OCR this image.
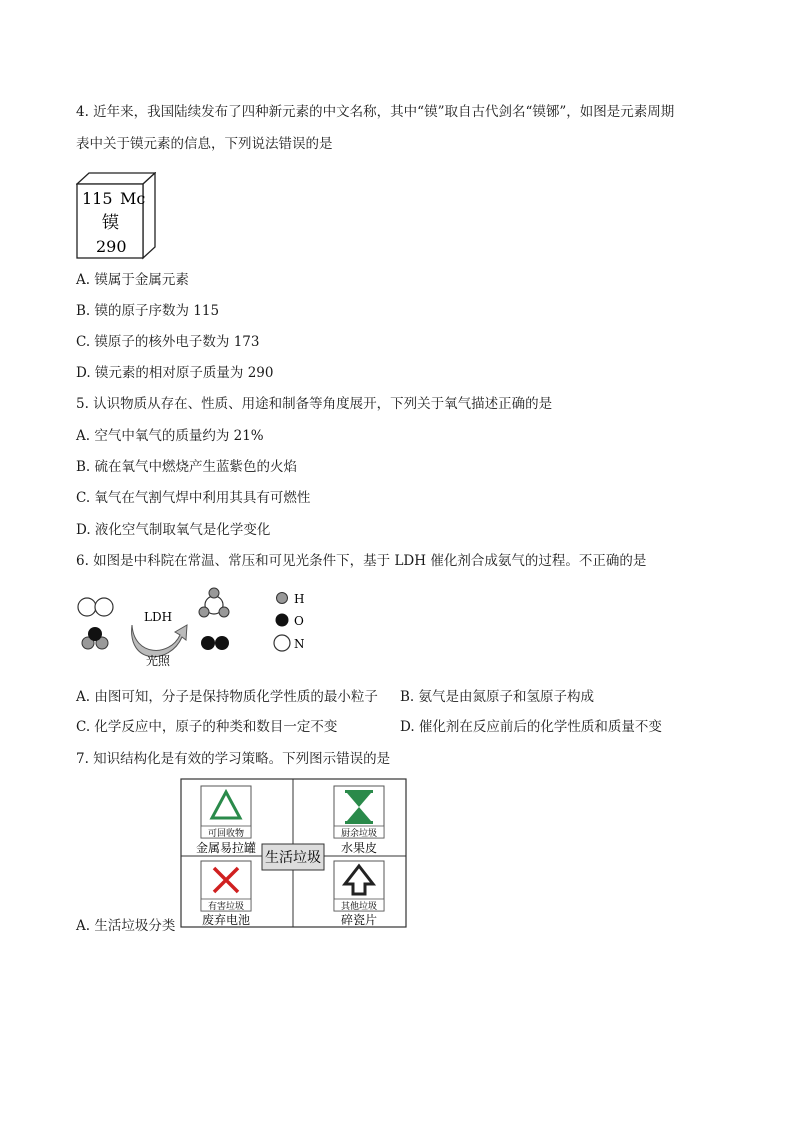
4. 近年来，我国陆续发布了四种新元素的中文名称，其中“镆”取自古代剑名“镆铘”，如图是元素周期
表中关于镆元素的信息，下列说法错误的是
115 Mc
镆
290
A. 镆属于金属元素
B. 镆的原子序数为 115
C. 镆原子的核外电子数为 173
D. 镆元素的相对原子质量为 290
5. 认识物质从存在、性质、用途和制备等角度展开，下列关于氧气描述正确的是
A. 空气中氧气的质量约为 21%
B. 硫在氧气中燃烧产生蓝紫色的火焰
C. 氧气在气割气焊中利用其具有可燃性
D. 液化空气制取氧气是化学变化
6. 如图是中科院在常温、常压和可见光条件下，基于 LDH 催化剂合成氨气的过程。不正确的是
LDH
光照
H
O
N
A. 由图可知，分子是保持物质化学性质的最小粒子 B. 氨气是由氮原子和氢原子构成
C. 化学反应中，原子的种类和数目一定不变	D. 催化剂在反应前后的化学性质和质量不变
7. 知识结构化是有效的学习策略。下列图示错误的是
A. 生活垃圾分类
可回收物
金属易拉罐
厨余垃圾
水果皮
有害垃圾
废弃电池
其他垃圾
碎瓷片
生活垃圾
